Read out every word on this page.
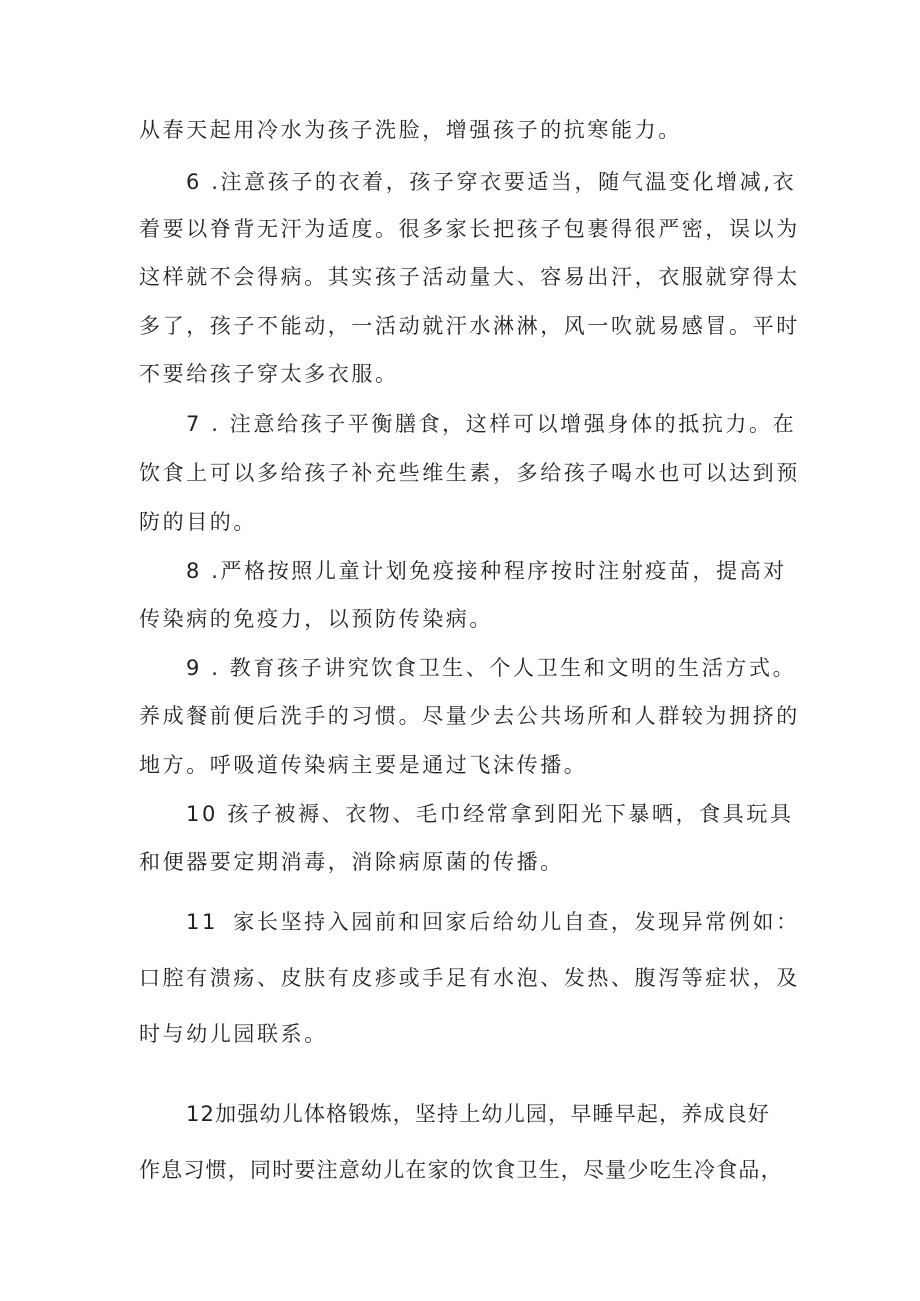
从春天起用冷水为孩子洗脸，增强孩子的抗寒能力。
6 .注意孩子的衣着，孩子穿衣要适当，随气温变化增减,衣
着要以脊背无汗为适度。很多家长把孩子包裹得很严密，误以为
这样就不会得病。其实孩子活动量大、容易出汗，衣服就穿得太
多了，孩子不能动，一活动就汗水淋淋，风一吹就易感冒。平时
不要给孩子穿太多衣服。
7 . 注意给孩子平衡膳食，这样可以增强身体的抵抗力。在
饮食上可以多给孩子补充些维生素，多给孩子喝水也可以达到预
防的目的。
8 .严格按照儿童计划免疫接种程序按时注射疫苗，提高对
传染病的免疫力，以预防传染病。
9 . 教育孩子讲究饮食卫生、个人卫生和文明的生活方式。
养成餐前便后洗手的习惯。尽量少去公共场所和人群较为拥挤的
地方。呼吸道传染病主要是通过飞沫传播。
10 孩子被褥、衣物、毛巾经常拿到阳光下暴晒，食具玩具
和便器要定期消毒，消除病原菌的传播。
11 家长坚持入园前和回家后给幼儿自查，发现异常例如：
口腔有溃疡、皮肤有皮疹或手足有水泡、发热、腹泻等症状，及
时与幼儿园联系。
12加强幼儿体格锻炼，坚持上幼儿园，早睡早起，养成良好
作息习惯，同时要注意幼儿在家的饮食卫生，尽量少吃生冷食品，
